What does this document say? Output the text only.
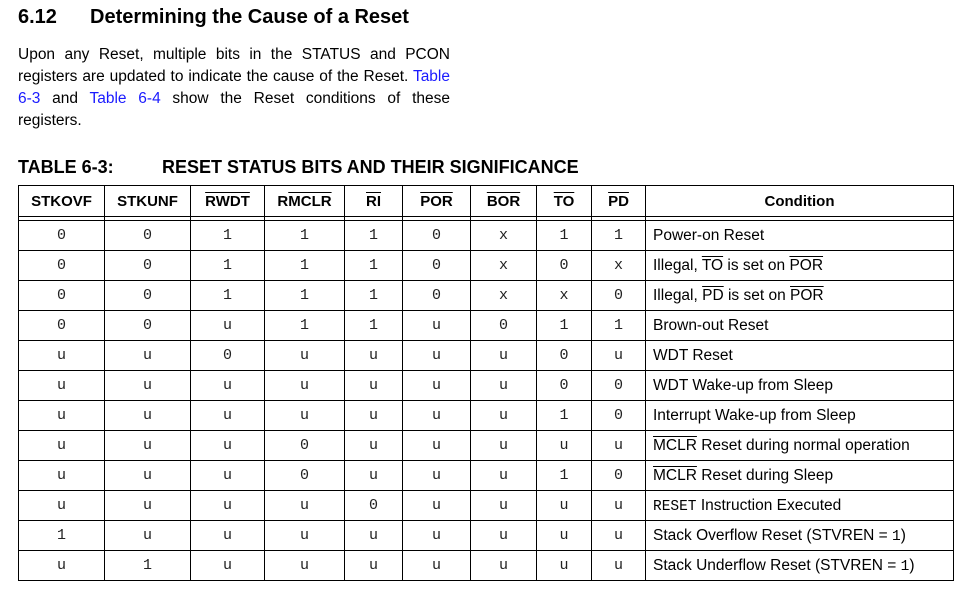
6.12 Determining the Cause of a Reset

Upon any Reset, multiple bits in the STATUS and PCON registers are updated to indicate the cause of the Reset. Table 6-3 and Table 6-4 show the Reset conditions of these registers.

TABLE 6-3:	RESET STATUS BITS AND THEIR SIGNIFICANCE
STKOVF	STKUNF	RWDT	RMCLR	$\overline{RI}$	$\overline{POR}$	$\overline{BOR}$	$\overline{TO}$	$\overline{PD}$	Condition

0	0	1	1	1	0	x	1	1	Power-on Reset
0	0	1	1	1	0	x	0	x	Illegal, $\overline{TO}$ is set on $\overline{POR}$
0	0	1	1	1	0	x	x	0	Illegal, $\overline{PD}$ is set on $\overline{POR}$
0	0	u	1	1	u	0	1	1	Brown-out Reset
u	u	0	u	u	u	u	0	u	WDT Reset
u	u	u	u	u	u	u	0	0	WDT Wake-up from Sleep
u	u	u	u	u	u	u	1	0	Interrupt Wake-up from Sleep
u	u	u	0	u	u	u	u	u	MCLR Reset during normal operation
u	u	u	0	u	u	u	1	0	MCLR Reset during Sleep
u	u	u	u	0	u	u	u	u	RESET Instruction Executed
1	u	u	u	u	u	u	u	u	Stack Overflow Reset (STVREN = 1)
u	1	u	u	u	u	u	u	u	Stack Underflow Reset (STVREN = 1)
